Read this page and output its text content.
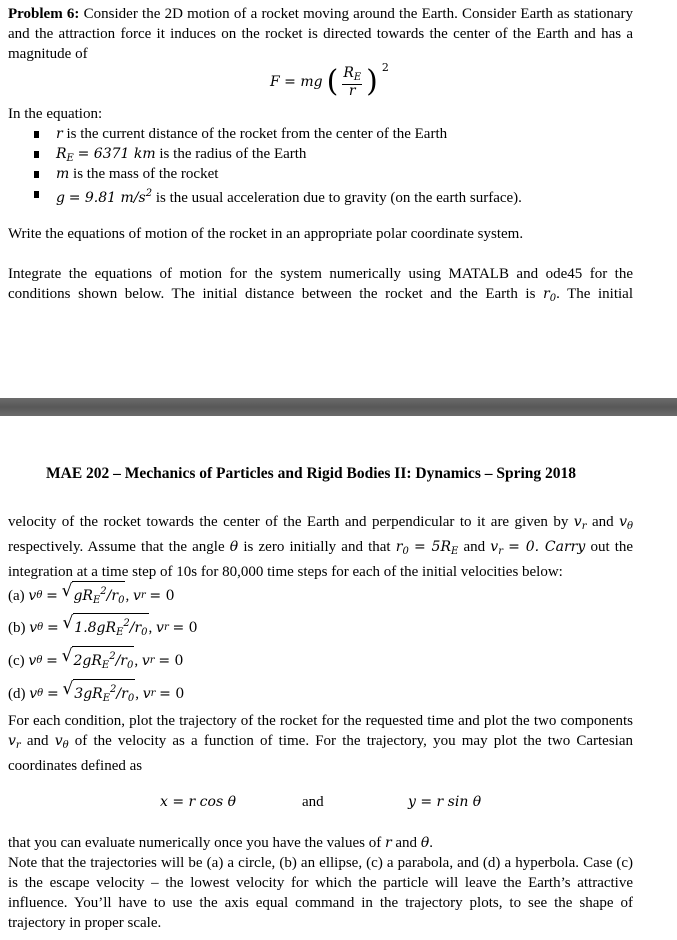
Problem 6: Consider the 2D motion of a rocket moving around the Earth. Consider Earth as stationary and the attraction force it induces on the rocket is directed towards the center of the Earth and has a magnitude of
F = mg ( $\frac{R_E}{r}$ ) 2
In the equation:
r is the current distance of the rocket from the center of the Earth
$R_E = 6371$ km is the radius of the Earth
m is the mass of the rocket
g = 9.81 $m/s^2$ is the usual acceleration due to gravity (on the earth surface).
Write the equations of motion of the rocket in an appropriate polar coordinate system.
Integrate the equations of motion for the system numerically using MATALB and ode45 for the conditions shown below. The initial distance between the rocket and the Earth is $r_0$. The initial
MAE 202 – Mechanics of Particles and Rigid Bodies II: Dynamics – Spring 2018
velocity of the rocket towards the center of the Earth and perpendicular to it are given by $v_r$ and $v_\theta$ respectively. Assume that the angle θ is zero initially and that $r_0 = 5R_E$ and $v_r = 0$. Carry out the integration at a time step of 10s for 80,000 time steps for each of the initial velocities below:
(a)
v θ
=
√ $gR_E^2/r_0$ , v r
= 0
(b)
v θ
=
√ $1.8gR_E^2/r_0$ , v r
= 0
(c)
v θ
=
√ $2gR_E^2/r_0$ , v r
= 0
(d)
v θ
=
√ $3gR_E^2/r_0$ , v r
= 0
For each condition, plot the trajectory of the rocket for the requested time and plot the two components $v_r$ and $v_\theta$ of the velocity as a function of time. For the trajectory, you may plot the two Cartesian coordinates defined as
x = r cos θ	and	y = r sin θ
that you can evaluate numerically once you have the values of r and θ.
Note that the trajectories will be (a) a circle, (b) an ellipse, (c) a parabola, and (d) a hyperbola. Case (c) is the escape velocity – the lowest velocity for which the particle will leave the Earth’s attractive influence. You’ll have to use the axis equal command in the trajectory plots, to see the shape of trajectory in proper scale.
